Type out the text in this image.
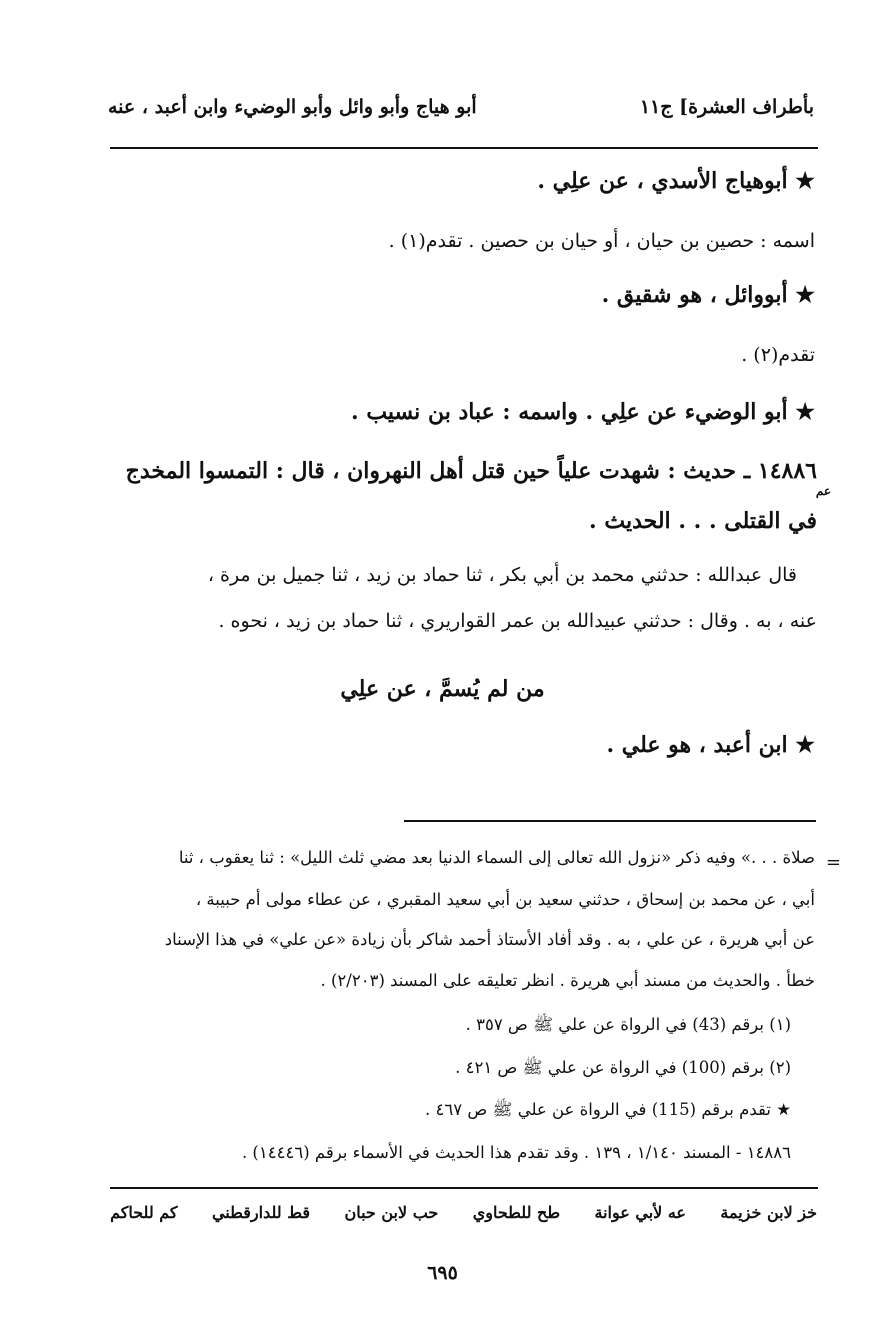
بأطراف العشرة] ج١١
أبو هياج وأبو وائل وأبو الوضيء وابن أعبد ، عنه
★ أبوهياج الأسدي ، عن علِي .
اسمه : حصين بن حيان ، أو حيان بن حصين . تقدم(١) .
★ أبووائل ، هو شقيق .
تقدم(٢) .
★ أبو الوضيء عن علِي . واسمه : عباد بن نسيب .
١٤٨٨٦ ـ حديث : شهدت علياً حين قتل أهل النهروان ، قال : التمسوا المخدج
عم
في القتلى . . . الحديث .
قال عبدالله : حدثني محمد بن أبي بكر ، ثنا حماد بن زيد ، ثنا جميل بن مرة ،
عنه ، به . وقال : حدثني عبيدالله بن عمر القواريري ، ثنا حماد بن زيد ، نحوه .
من لم يُسمَّ ، عن علِي
★ ابن أعبد ، هو علي .
=
صلاة . . .» وفيه ذكر «نزول الله تعالى إلى السماء الدنيا بعد مضي ثلث الليل» : ثنا يعقوب ، ثنا
أبي ، عن محمد بن إسحاق ، حدثني سعيد بن أبي سعيد المقبري ، عن عطاء مولى أم حبيبة ،
عن أبي هريرة ، عن علي ، به . وقد أفاد الأستاذ أحمد شاكر بأن زيادة «عن علي» في هذا الإسناد
خطأ . والحديث من مسند أبي هريرة . انظر تعليقه على المسند (٢/٢٠٣) .
(١) برقم (43) في الرواة عن علي ﷺ ص ٣٥٧ .
(٢) برقم (100) في الرواة عن علي ﷺ ص ٤٢١ .
★ تقدم برقم (115) في الرواة عن علي ﷺ ص ٤٦٧ .
١٤٨٨٦ - المسند ١/١٤٠ ، ١٣٩ . وقد تقدم هذا الحديث في الأسماء برقم (١٤٤٤٦) .
خز لابن خزيمة
عه لأبي عوانة
طح للطحاوي
حب لابن حبان
قط للدارقطني
كم للحاكم
٦٩٥
